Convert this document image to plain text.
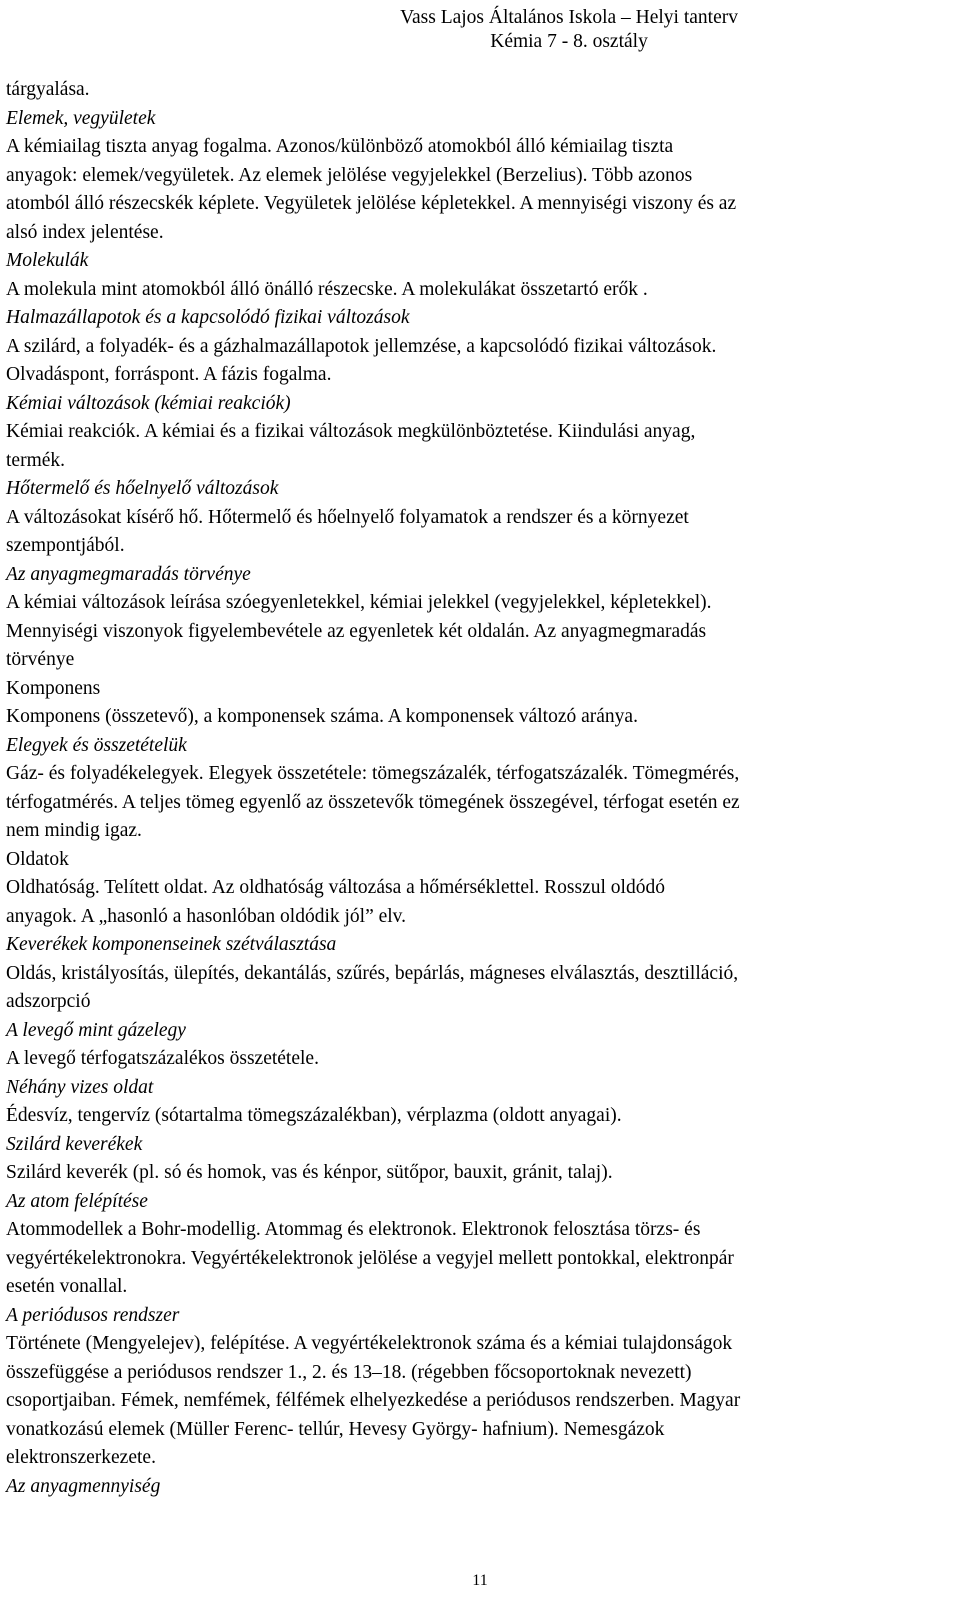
Vass Lajos Általános Iskola – Helyi tanterv
Kémia 7 - 8. osztály
tárgyalása.
Elemek, vegyületek
A kémiailag tiszta anyag fogalma. Azonos/különböző atomokból álló kémiailag tiszta
anyagok: elemek/vegyületek. Az elemek jelölése vegyjelekkel (Berzelius). Több azonos
atomból álló részecskék képlete. Vegyületek jelölése képletekkel. A mennyiségi viszony és az
alsó index jelentése.
Molekulák
A molekula mint atomokból álló önálló részecske. A molekulákat összetartó erők .
Halmazállapotok és a kapcsolódó fizikai változások
A szilárd, a folyadék- és a gázhalmazállapotok jellemzése, a kapcsolódó fizikai változások.
Olvadáspont, forráspont. A fázis fogalma.
Kémiai változások (kémiai reakciók)
Kémiai reakciók. A kémiai és a fizikai változások megkülönböztetése. Kiindulási anyag,
termék.
Hőtermelő és hőelnyelő változások
A változásokat kísérő hő. Hőtermelő és hőelnyelő folyamatok a rendszer és a környezet
szempontjából.
Az anyagmegmaradás törvénye
A kémiai változások leírása szóegyenletekkel, kémiai jelekkel (vegyjelekkel, képletekkel).
Mennyiségi viszonyok figyelembevétele az egyenletek két oldalán. Az anyagmegmaradás
törvénye
Komponens
Komponens (összetevő), a komponensek száma. A komponensek változó aránya.
Elegyek és összetételük
Gáz- és folyadékelegyek. Elegyek összetétele: tömegszázalék, térfogatszázalék. Tömegmérés,
térfogatmérés. A teljes tömeg egyenlő az összetevők tömegének összegével, térfogat esetén ez
nem mindig igaz.
Oldatok
Oldhatóság. Telített oldat. Az oldhatóság változása a hőmérséklettel. Rosszul oldódó
anyagok. A „hasonló a hasonlóban oldódik jól” elv.
Keverékek komponenseinek szétválasztása
Oldás, kristályosítás, ülepítés, dekantálás, szűrés, bepárlás, mágneses elválasztás, desztilláció,
adszorpció
A levegő mint gázelegy
A levegő térfogatszázalékos összetétele.
Néhány vizes oldat
Édesvíz, tengervíz (sótartalma tömegszázalékban), vérplazma (oldott anyagai).
Szilárd keverékek
Szilárd keverék (pl. só és homok, vas és kénpor, sütőpor, bauxit, gránit, talaj).
Az atom felépítése
Atommodellek a Bohr-modellig. Atommag és elektronok. Elektronok felosztása törzs- és
vegyértékelektronokra. Vegyértékelektronok jelölése a vegyjel mellett pontokkal, elektronpár
esetén vonallal.
A periódusos rendszer
Története (Mengyelejev), felépítése. A vegyértékelektronok száma és a kémiai tulajdonságok
összefüggése a periódusos rendszer 1., 2. és 13–18. (régebben főcsoportoknak nevezett)
csoportjaiban. Fémek, nemfémek, félfémek elhelyezkedése a periódusos rendszerben. Magyar
vonatkozású elemek (Müller Ferenc- tellúr, Hevesy György- hafnium). Nemesgázok
elektronszerkezete.
Az anyagmennyiség
11
